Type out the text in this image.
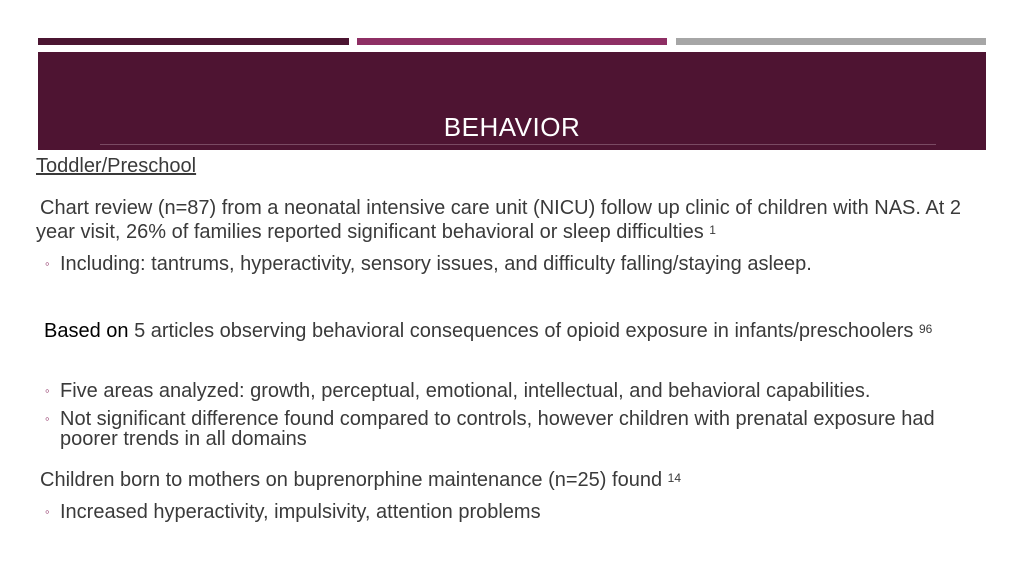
BEHAVIOR
Toddler/Preschool
Chart review (n=87) from a neonatal intensive care unit (NICU) follow up clinic of children with NAS. At 2 year visit, 26% of families reported significant behavioral or sleep difficulties $^1$
◦ Including: tantrums, hyperactivity, sensory issues, and difficulty falling/staying asleep.
Based on 5 articles observing behavioral consequences of opioid exposure in infants/preschoolers $^{96}$
◦ Five areas analyzed: growth, perceptual, emotional, intellectual, and behavioral capabilities.
◦ Not significant difference found compared to controls, however children with prenatal exposure had poorer trends in all domains
Children born to mothers on buprenorphine maintenance (n=25) found $^{14}$
◦ Increased hyperactivity, impulsivity, attention problems
